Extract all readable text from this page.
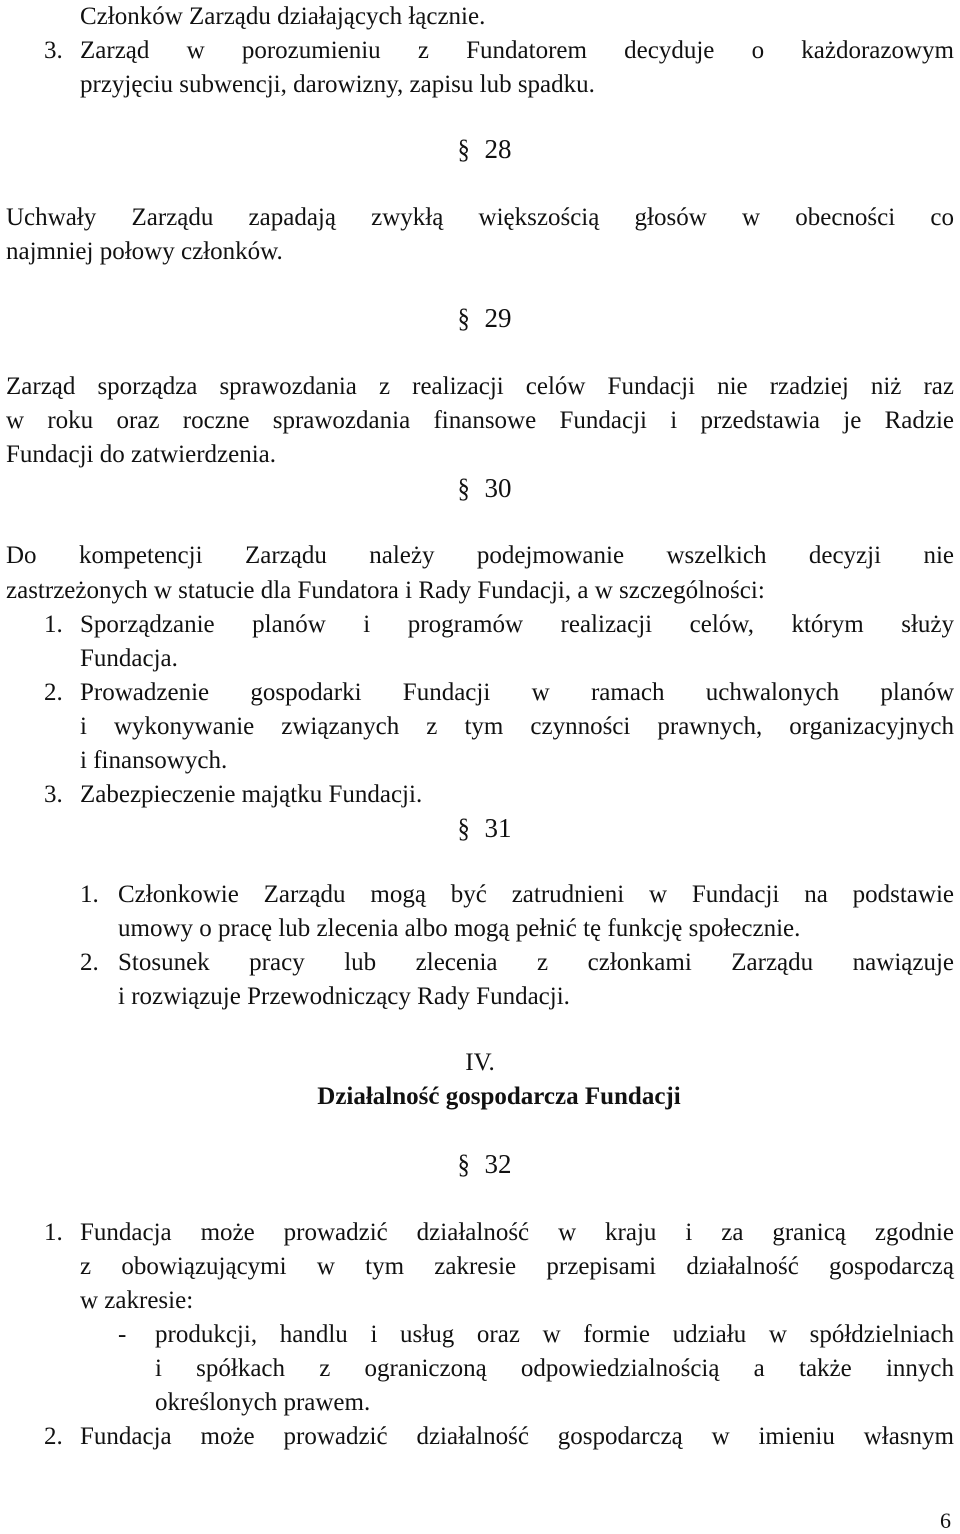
Członków Zarządu działających łącznie.
3. Zarząd w porozumieniu z Fundatorem decyduje o każdorazowym
przyjęciu subwencji, darowizny, zapisu lub spadku.
§ 28
Uchwały Zarządu zapadają zwykłą większością głosów w obecności co
najmniej połowy członków.
§ 29
Zarząd sporządza sprawozdania z realizacji celów Fundacji nie rzadziej niż raz
w roku oraz roczne sprawozdania finansowe Fundacji i przedstawia je Radzie
Fundacji do zatwierdzenia.
§ 30
Do kompetencji Zarządu należy podejmowanie wszelkich decyzji nie
zastrzeżonych w statucie dla Fundatora i Rady Fundacji, a w szczególności:
1. Sporządzanie planów i programów realizacji celów, którym służy
Fundacja.
2. Prowadzenie gospodarki Fundacji w ramach uchwalonych planów
i wykonywanie związanych z tym czynności prawnych, organizacyjnych
i finansowych.
3. Zabezpieczenie majątku Fundacji.
§ 31
1. Członkowie Zarządu mogą być zatrudnieni w Fundacji na podstawie
umowy o pracę lub zlecenia albo mogą pełnić tę funkcję społecznie.
2. Stosunek pracy lub zlecenia z członkami Zarządu nawiązuje
i rozwiązuje Przewodniczący Rady Fundacji.
IV.
Działalność gospodarcza Fundacji
§ 32
1. Fundacja może prowadzić działalność w kraju i za granicą zgodnie
z obowiązującymi w tym zakresie przepisami działalność gospodarczą
w zakresie:
- produkcji, handlu i usług oraz w formie udziału w spółdzielniach
i spółkach z ograniczoną odpowiedzialnością a także innych
określonych prawem.
2. Fundacja może prowadzić działalność gospodarczą w imieniu własnym
6
